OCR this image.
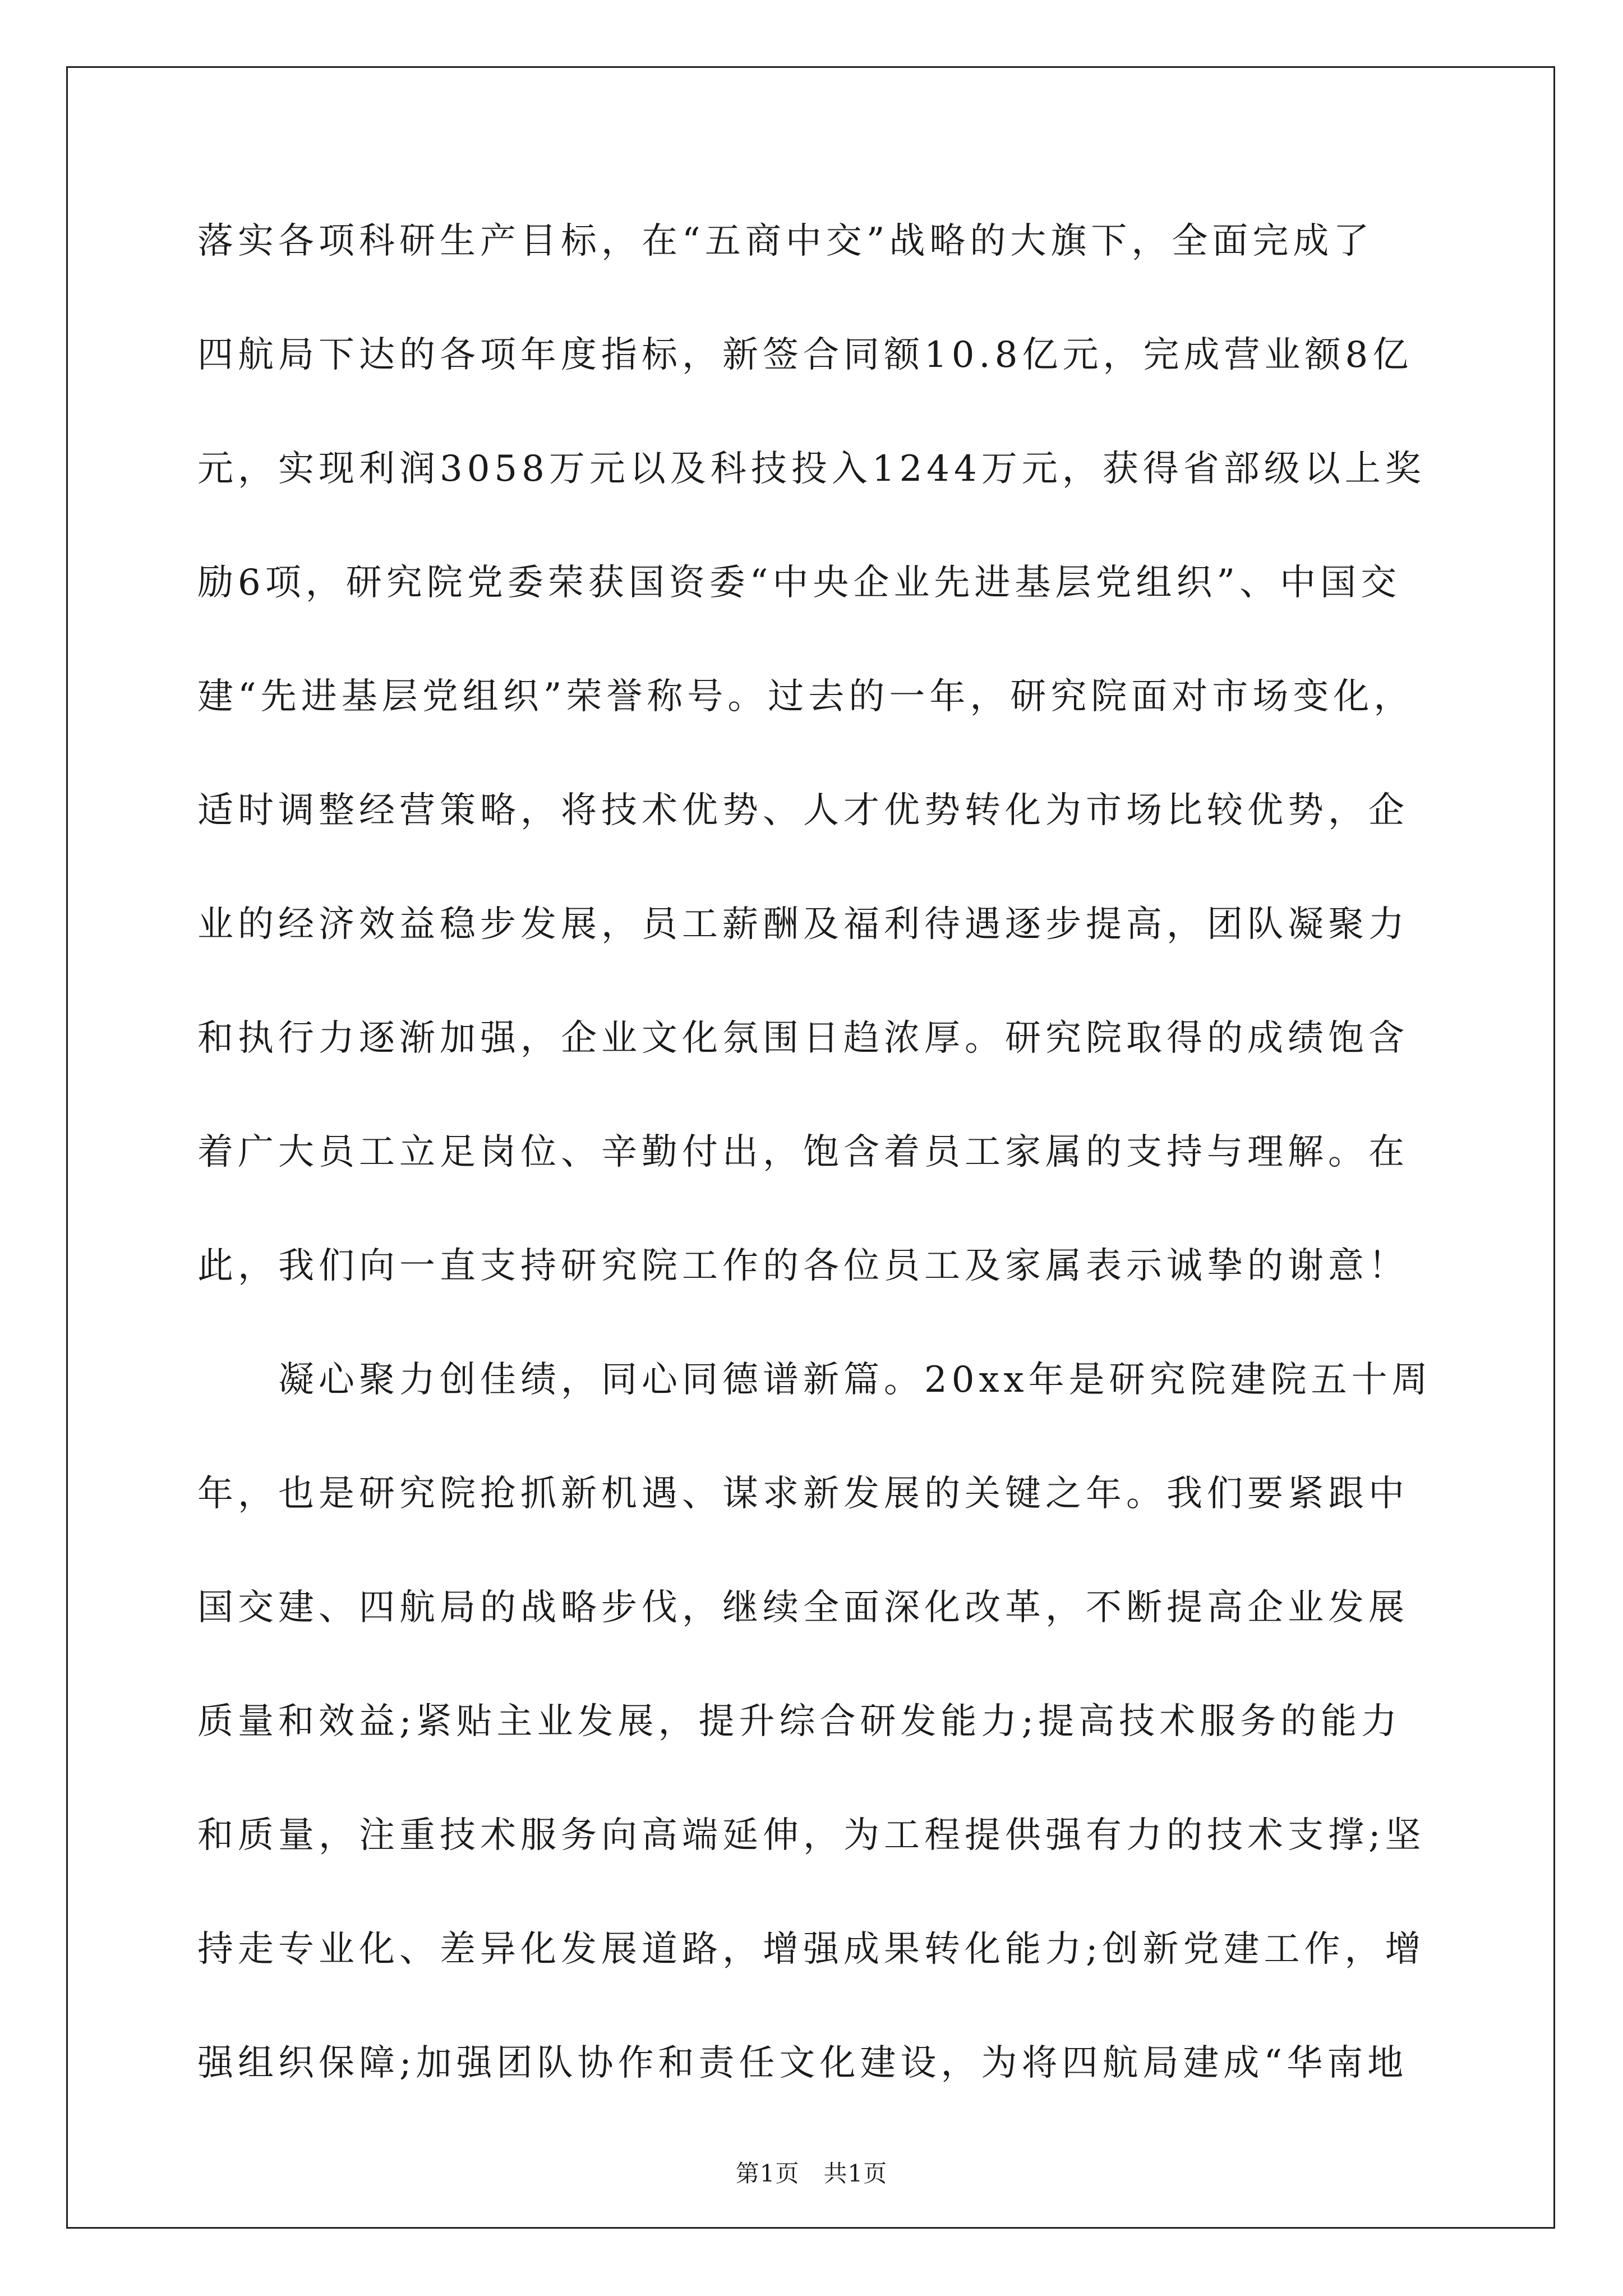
落实各项科研生产目标，在“五商中交”战略的大旗下，全面完成了
四航局下达的各项年度指标，新签合同额10.8亿元，完成营业额8亿
元，实现利润3058万元以及科技投入1244万元，获得省部级以上奖
励6项，研究院党委荣获国资委“中央企业先进基层党组织”、中国交
建“先进基层党组织”荣誉称号。过去的一年，研究院面对市场变化，
适时调整经营策略，将技术优势、人才优势转化为市场比较优势，企
业的经济效益稳步发展，员工薪酬及福利待遇逐步提高，团队凝聚力
和执行力逐渐加强，企业文化氛围日趋浓厚。研究院取得的成绩饱含
着广大员工立足岗位、辛勤付出，饱含着员工家属的支持与理解。在
此，我们向一直支持研究院工作的各位员工及家属表示诚挚的谢意！
　　凝心聚力创佳绩，同心同德谱新篇。20xx年是研究院建院五十周
年，也是研究院抢抓新机遇、谋求新发展的关键之年。我们要紧跟中
国交建、四航局的战略步伐，继续全面深化改革，不断提高企业发展
质量和效益;紧贴主业发展，提升综合研发能力;提高技术服务的能力
和质量，注重技术服务向高端延伸，为工程提供强有力的技术支撑;坚
持走专业化、差异化发展道路，增强成果转化能力;创新党建工作，增
强组织保障;加强团队协作和责任文化建设，为将四航局建成“华南地
第1页　共1页
